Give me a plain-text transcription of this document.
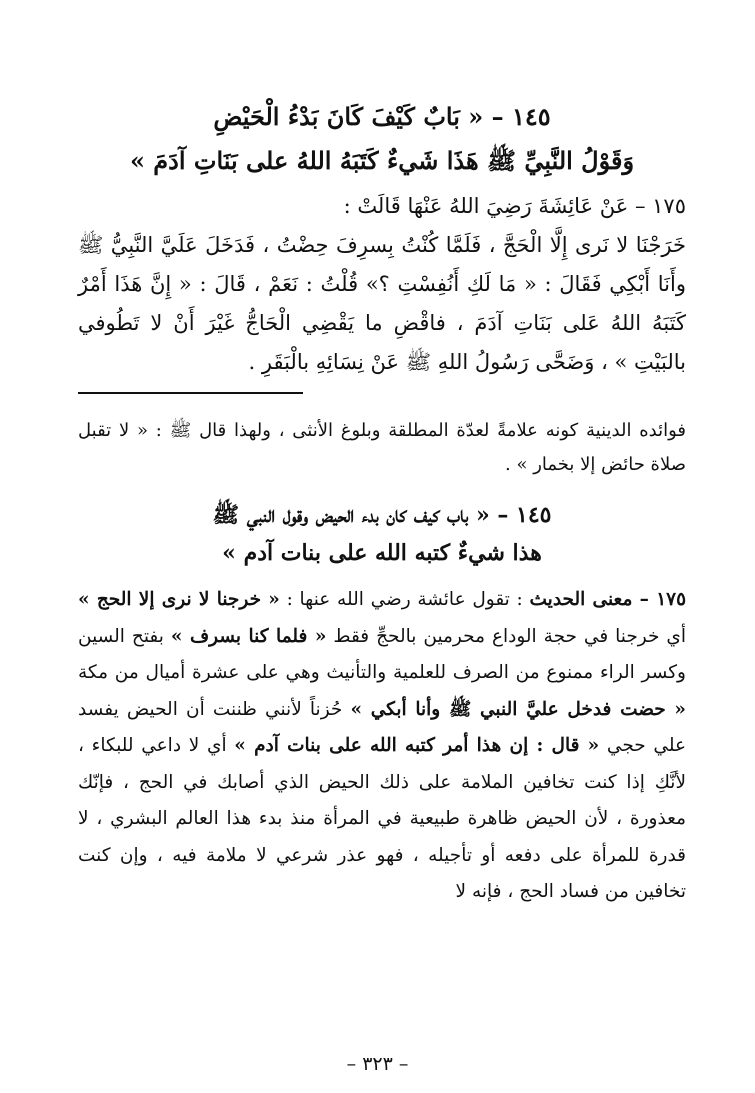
١٤٥ – « بَابٌ كَيْفَ كَانَ بَدْءُ الْحَيْضِ
وَقَوْلُ النَّبِيِّ ﷺ هَذَا شَيءٌ كَتَبَهُ اللهُ على بَنَاتِ آدَمَ »

١٧٥ – عَنْ عَائِشَةَ رَضِيَ اللهُ عَنْهَا قَالَتْ :

خَرَجْنَا لا نَرى إِلَّا الْحَجَّ ، فَلَمَّا كُنْتُ بِسرِفَ حِضْتُ ، فَدَخَلَ عَلَيَّ النَّبِيُّ ﷺ وأَنَا أَبْكِي فَقَالَ : « مَا لَكِ أَنُفِسْتِ ؟» قُلْتُ : نَعَمْ ، قَالَ : « إِنَّ هَذَا أَمْرٌ كَتَبَهُ اللهُ عَلى بَنَاتِ آدَمَ ، فاقْضِ ما يَقْضِي الْحَاجُّ غَيْرَ أَنْ لا تَطُوفي بالبَيْتِ » ، وَضَحَّى رَسُولُ اللهِ ﷺ عَنْ نِسَائِهِ بالْبَقَرِ .

فوائده الدينية كونه علامةً لعدّة المطلقة وبلوغ الأنثى ، ولهذا قال ﷺ : « لا تقبل صلاة حائض إلا بخمار » .

١٤٥ – « باب كيف كان بدء الحيض وقول النبي ﷺ
هذا شيءٌ كتبه الله على بنات آدم »

١٧٥ – معنى الحديث : تقول عائشة رضي الله عنها : « خرجنا لا نرى إلا الحج » أي خرجنا في حجة الوداع محرمين بالحجِّ فقط « فلما كنا بسرف » بفتح السين وكسر الراء ممنوع من الصرف للعلمية والتأنيث وهي على عشرة أميال من مكة « حضت فدخل عليَّ النبي ﷺ وأنا أبكي » حُزناً لأنني ظننت أن الحيض يفسد علي حجي « قال : إن هذا أمر كتبه الله على بنات آدم » أي لا داعي للبكاء ، لأنَّكِ إذا كنت تخافين الملامة على ذلك الحيض الذي أصابك في الحج ، فإنّك معذورة ، لأن الحيض ظاهرة طبيعية في المرأة منذ بدء هذا العالم البشري ، لا قدرة للمرأة على دفعه أو تأجيله ، فهو عذر شرعي لا ملامة فيه ، وإن كنت تخافين من فساد الحج ، فإنه لا

– ٣٢٣ –
